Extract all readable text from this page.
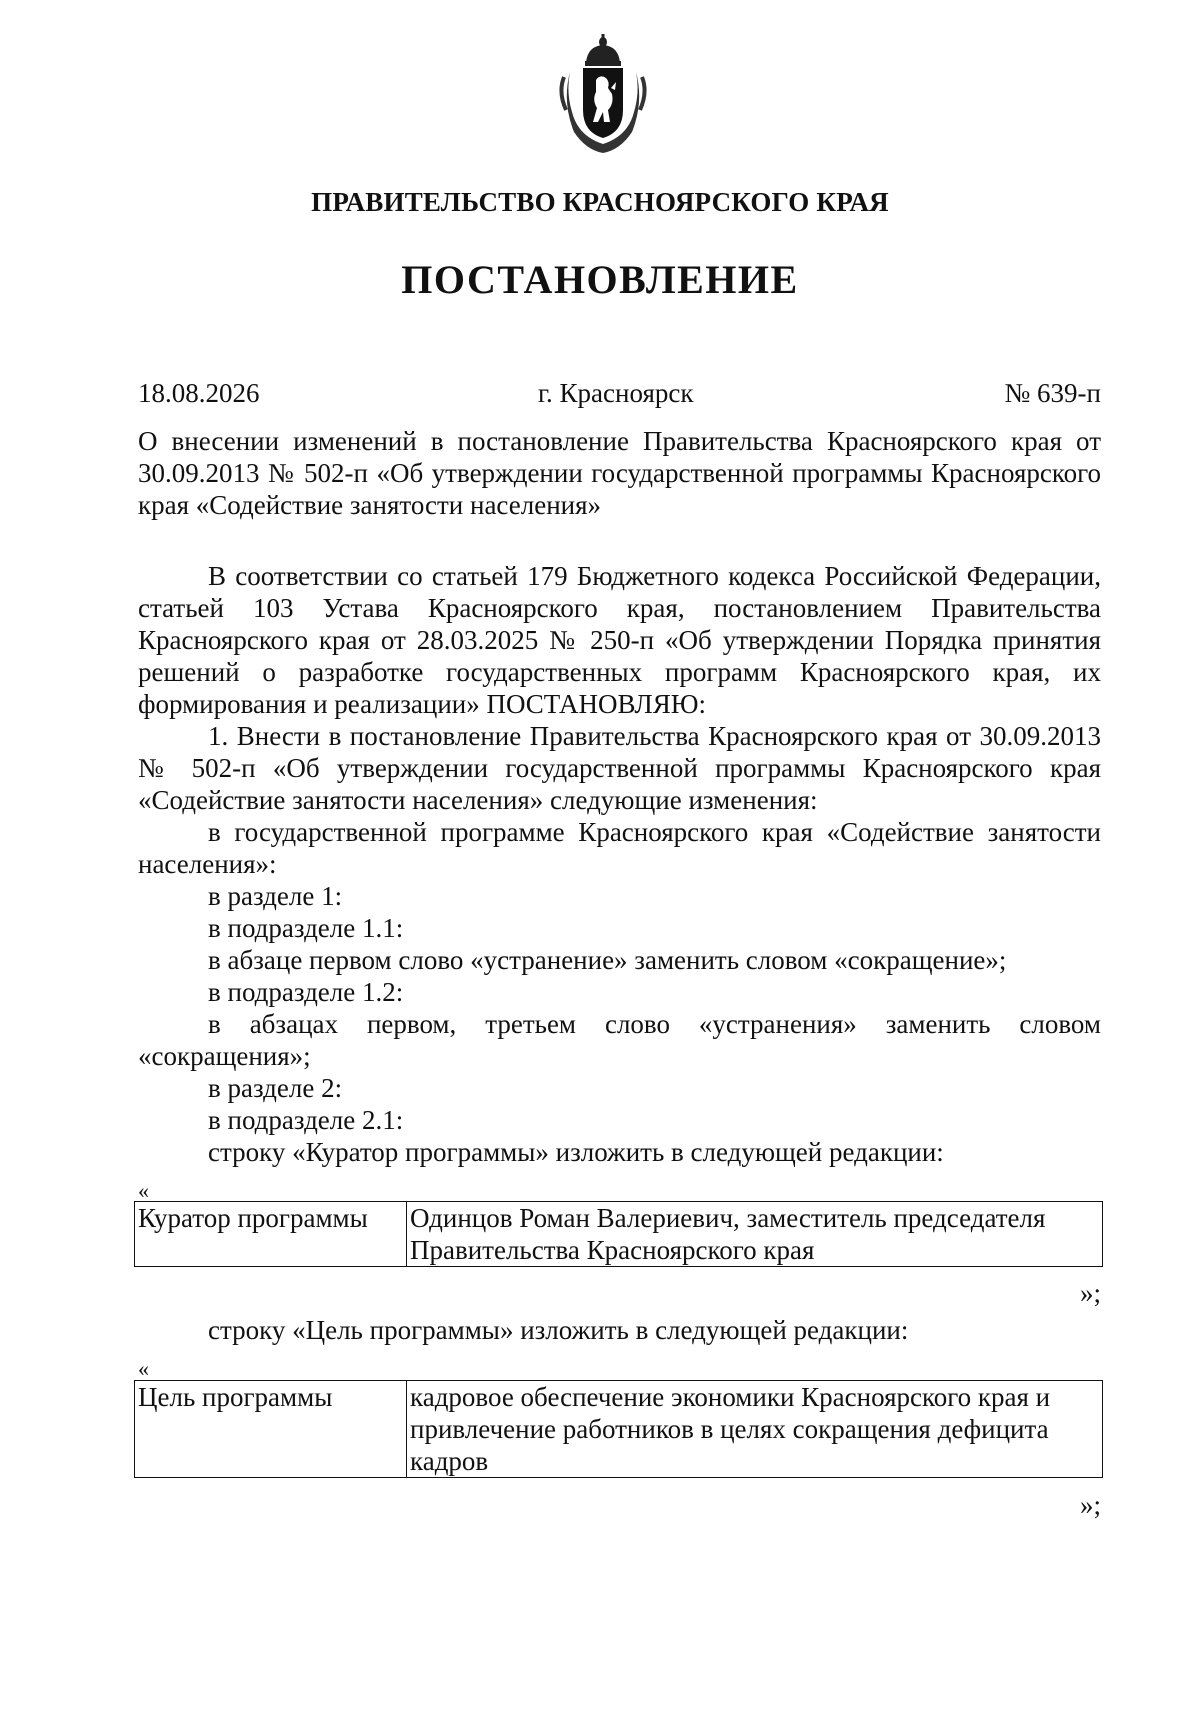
ПРАВИТЕЛЬСТВО КРАСНОЯРСКОГО КРАЯ
ПОСТАНОВЛЕНИЕ
18.08.2026	г. Красноярск	№ 639-п
О внесении изменений в постановление Правительства Красноярского края от 30.09.2013 № 502-п «Об утверждении государственной программы Красноярского края «Содействие занятости населения»
В соответствии со статьей 179 Бюджетного кодекса Российской Федерации, статьей 103 Устава Красноярского края, постановлением Правительства Красноярского края от 28.03.2025 № 250-п «Об утверждении Порядка принятия решений о разработке государственных программ Красноярского края, их формирования и реализации» ПОСТАНОВЛЯЮ:
1. Внести в постановление Правительства Красноярского края от 30.09.2013 № 502-п «Об утверждении государственной программы Красноярского края «Содействие занятости населения» следующие изменения:
в государственной программе Красноярского края «Содействие занятости населения»:
в разделе 1:
в подразделе 1.1:
в абзаце первом слово «устранение» заменить словом «сокращение»;
в подразделе 1.2:
в абзацах первом, третьем слово «устранения» заменить словом «сокращения»;
в разделе 2:
в подразделе 2.1:
строку «Куратор программы» изложить в следующей редакции:
«
Куратор программы	Одинцов Роман Валериевич, заместитель председателя
Правительства Красноярского края
»;
строку «Цель программы» изложить в следующей редакции:
«
Цель программы	кадровое обеспечение экономики Красноярского края и
привлечение работников в целях сокращения дефицита
кадров
»;
